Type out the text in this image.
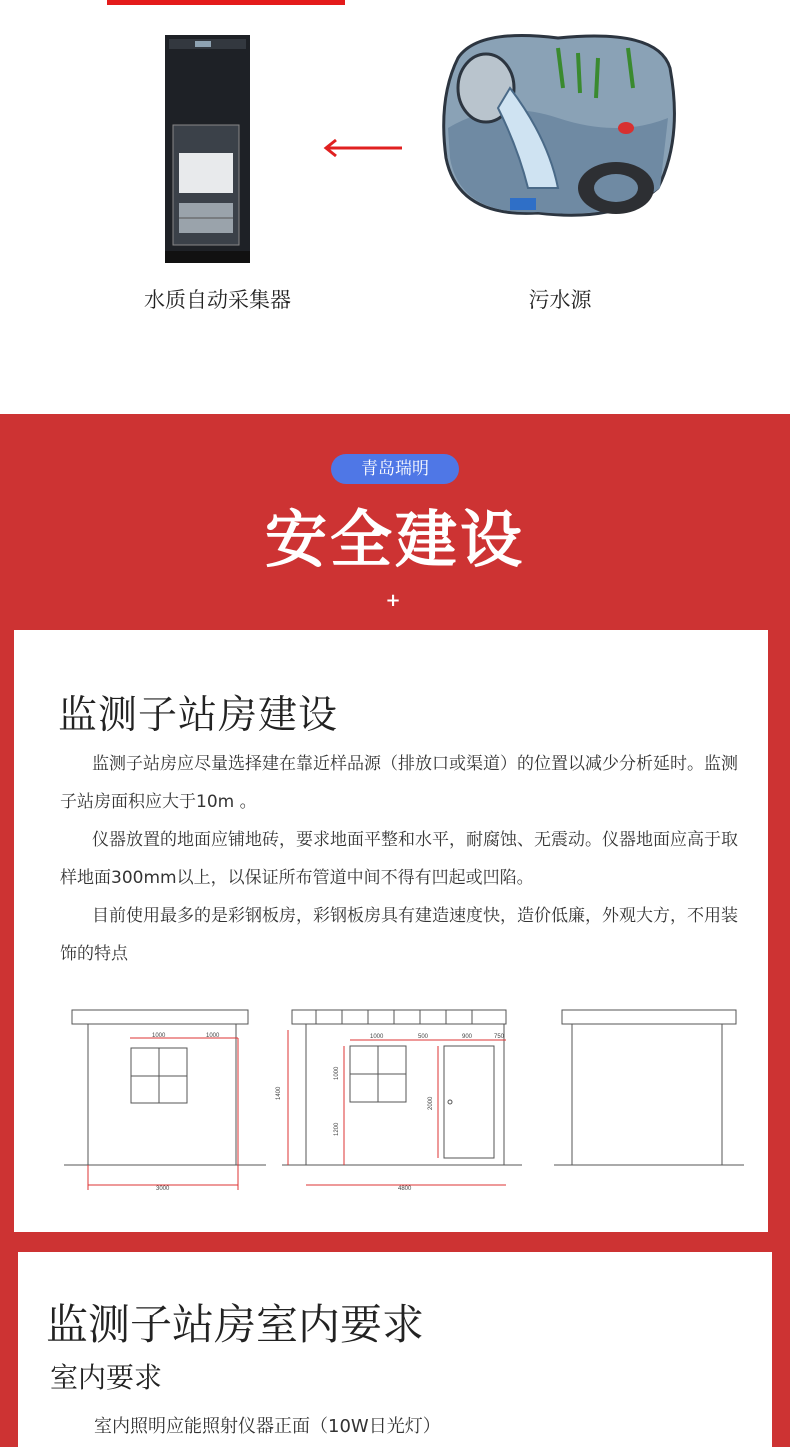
水质自动采集器	污水源
青岛瑞明
安全建设
+
监测子站房建设
监测子站房应尽量选择建在靠近样品源（排放口或渠道）的位置以减少分析延时。监测子站房面积应大于10m 。
仪器放置的地面应铺地砖，要求地面平整和水平，耐腐蚀、无震动。仪器地面应高于取样地面300mm以上，以保证所布管道中间不得有凹起或凹陷。
目前使用最多的是彩钢板房，彩钢板房具有建造速度快，造价低廉，外观大方，不用装饰的特点
1000	1000
3000
1000	500	900	750
1400
1000
1200
2000
4800
监测子站房室内要求
室内要求
室内照明应能照射仪器正面（10W日光灯）
